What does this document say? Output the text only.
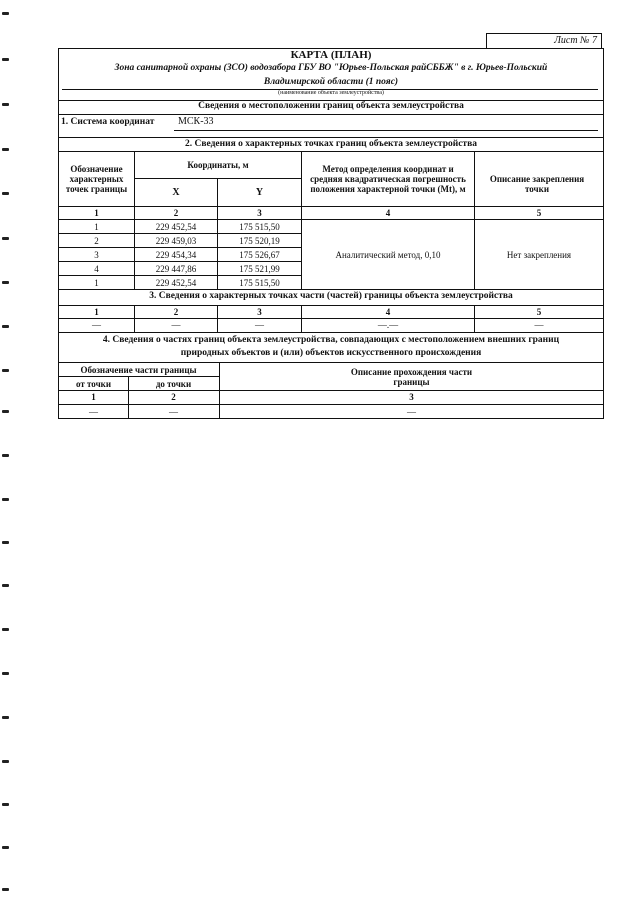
Лист № 7
КАРТА (ПЛАН)
Зона санитарной охраны (ЗСО) водозабора ГБУ ВО "Юрьев-Польская райСББЖ" в г. Юрьев-Польский
Владимирской области (1 пояс)
(наименование объекта землеустройства)
Сведения о местоположении границ объекта землеустройства
1. Система координат МСК-33
2. Сведения о характерных точках границ объекта землеустройства
Обозначение характерных точек границы
Координаты, м
X	Y
Метод определения координат и средняя квадратическая погрешность положения характерной точки (Mt), м
Описание закрепления точки
1	2	3	4	5
1	229 452,54	175 515,50
2	229 459,03	175 520,19
3	229 454,34	175 526,67
4	229 447,86	175 521,99
1	229 452,54	175 515,50
Аналитический метод, 0,10	Нет закрепления
3. Сведения о характерных точках части (частей) границы объекта землеустройства
1	2	3	4	5
—	—	—	—.—	—
4. Сведения о частях границ объекта землеустройства, совпадающих с местоположением внешних границ
природных объектов и (или) объектов искусственного происхождения
Обозначение части границы
от точки	до точки
Описание прохождения части границы
1	2	3
—	—	—
